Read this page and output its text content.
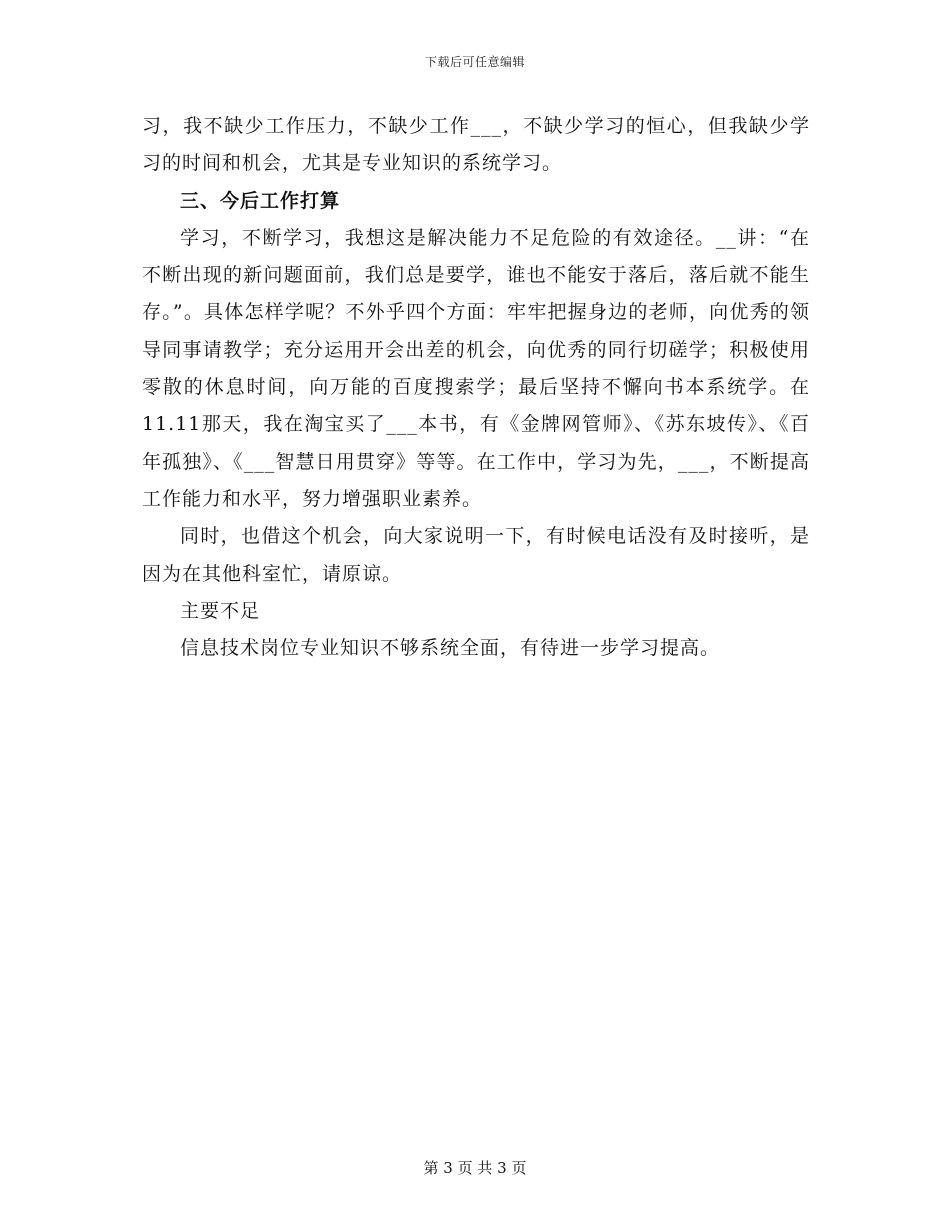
下载后可任意编辑

习，我不缺少工作压力，不缺少工作___，不缺少学习的恒心，但我缺少学习的时间和机会，尤其是专业知识的系统学习。

三、今后工作打算

学习，不断学习，我想这是解决能力不足危险的有效途径。__讲：“在不断出现的新问题面前，我们总是要学，谁也不能安于落后，落后就不能生存。”。具体怎样学呢？不外乎四个方面：牢牢把握身边的老师，向优秀的领导同事请教学；充分运用开会出差的机会，向优秀的同行切磋学；积极使用零散的休息时间，向万能的百度搜索学；最后坚持不懈向书本系统学。在11.11那天，我在淘宝买了___本书，有《金牌网管师》、《苏东坡传》、《百年孤独》、《___智慧日用贯穿》等等。在工作中，学习为先，___，不断提高工作能力和水平，努力增强职业素养。

同时，也借这个机会，向大家说明一下，有时候电话没有及时接听，是因为在其他科室忙，请原谅。

主要不足

信息技术岗位专业知识不够系统全面，有待进一步学习提高。

第 3 页 共 3 页
